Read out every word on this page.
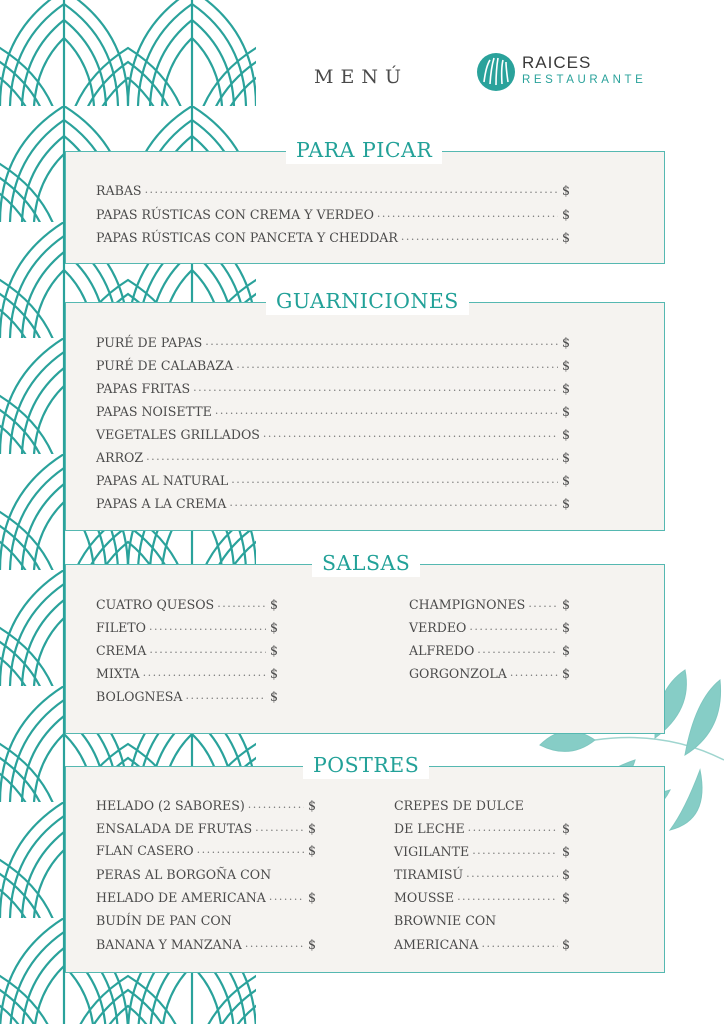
MENÚ
RAICES
RESTAURANTE
PARA PICAR
RABAS .....	$
PAPAS RÚSTICAS CON CREMA Y VERDEO .....	$
PAPAS RÚSTICAS CON PANCETA Y CHEDDAR .....	$
GUARNICIONES
PURÉ DE PAPAS .....	$
PURÉ DE CALABAZA .....	$
PAPAS FRITAS .....	$
PAPAS NOISETTE .....	$
VEGETALES GRILLADOS .....	$
ARROZ .....	$
PAPAS AL NATURAL .....	$
PAPAS A LA CREMA .....	$
SALSAS
CUATRO QUESOS .....	$
FILETO .....	$
CREMA .....	$
MIXTA .....	$
BOLOGNESA .....	$
CHAMPIGNONES .....	$
VERDEO .....	$
ALFREDO .....	$
GORGONZOLA .....	$
POSTRES
HELADO (2 SABORES) .....	$
ENSALADA DE FRUTAS .....	$
FLAN CASERO .....	$
PERAS AL BORGOÑA CON
HELADO DE AMERICANA .....	$
BUDÍN DE PAN CON
BANANA Y MANZANA .....	$
CREPES DE DULCE
DE LECHE .....	$
VIGILANTE .....	$
TIRAMISÚ .....	$
MOUSSE .....	$
BROWNIE CON
AMERICANA .....	$
